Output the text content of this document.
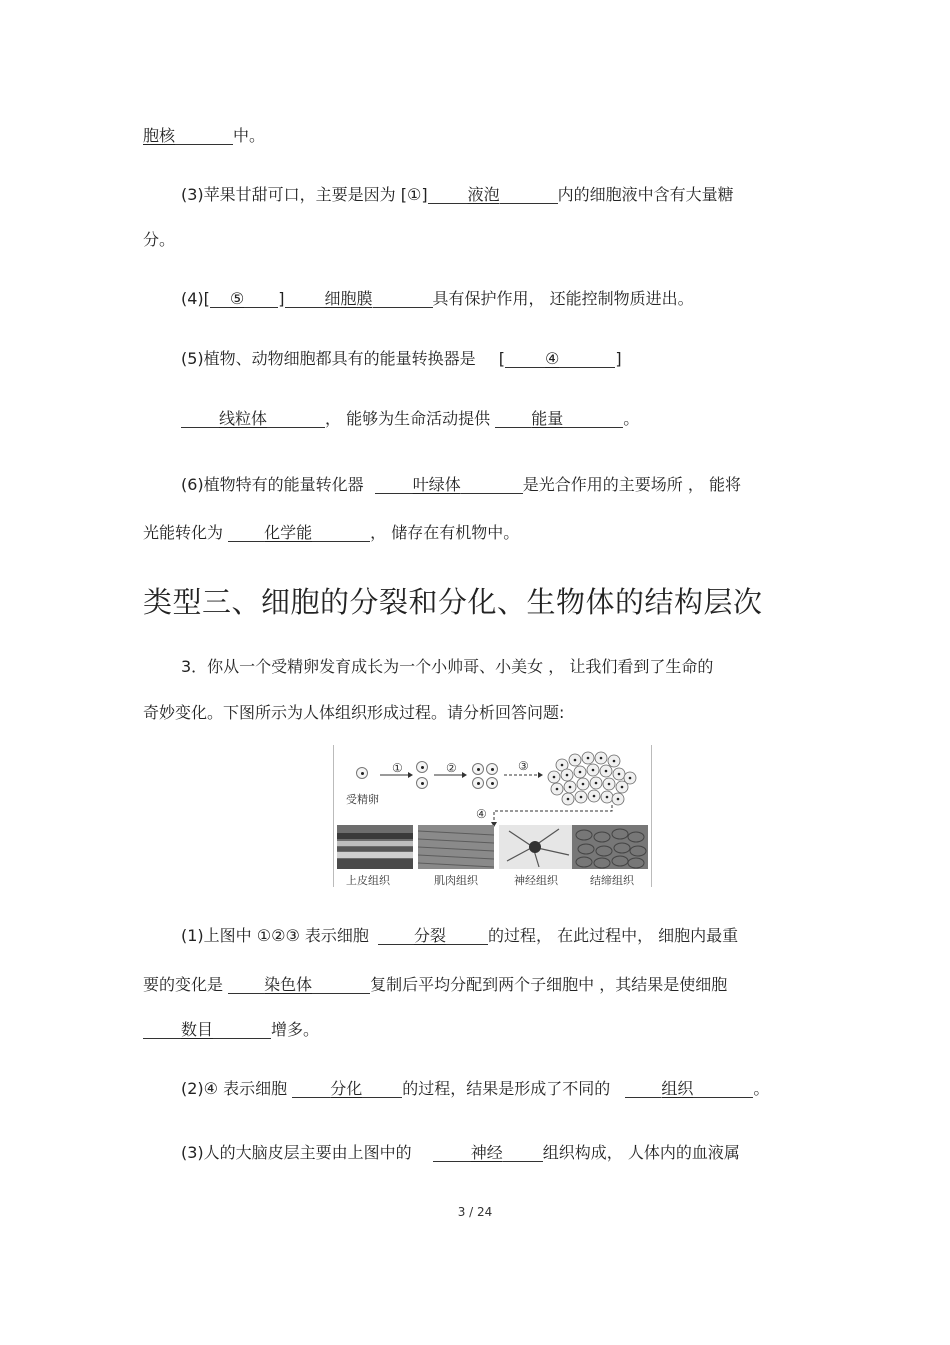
胞核	中。
(3)苹果甘甜可口，主要是因为 [①]	液泡	内的细胞液中含有大量糖
分。
(4)[ ⑤ ]	细胞膜	具有保护作用， 还能控制物质进出。
(5)植物、动物细胞都具有的能量转换器是 [	④	]
线粒体	， 能够为生命活动提供	能量	。
(6)植物特有的能量转化器	叶绿体	是光合作用的主要场所 ， 能将
光能转化为	化学能	， 储存在有机物中。
类型三、细胞的分裂和分化、生物体的结构层次
3．你从一个受精卵发育成长为一个小帅哥、小美女 ， 让我们看到了生命的
奇妙变化。下图所示为人体组织形成过程。请分析回答问题:
受精卵
①	②	③
④
上皮组织	肌肉组织	神经组织	结缔组织
(1)上图中 ①②③ 表示细胞	分裂	的过程， 在此过程中， 细胞内最重
要的变化是	染色体	复制后平均分配到两个子细胞中 ，其结果是使细胞
数目	增多。
(2)④ 表示细胞	分化	的过程，结果是形成了不同的	组织	。
(3)人的大脑皮层主要由上图中的	神经	组织构成， 人体内的血液属
3 / 24
